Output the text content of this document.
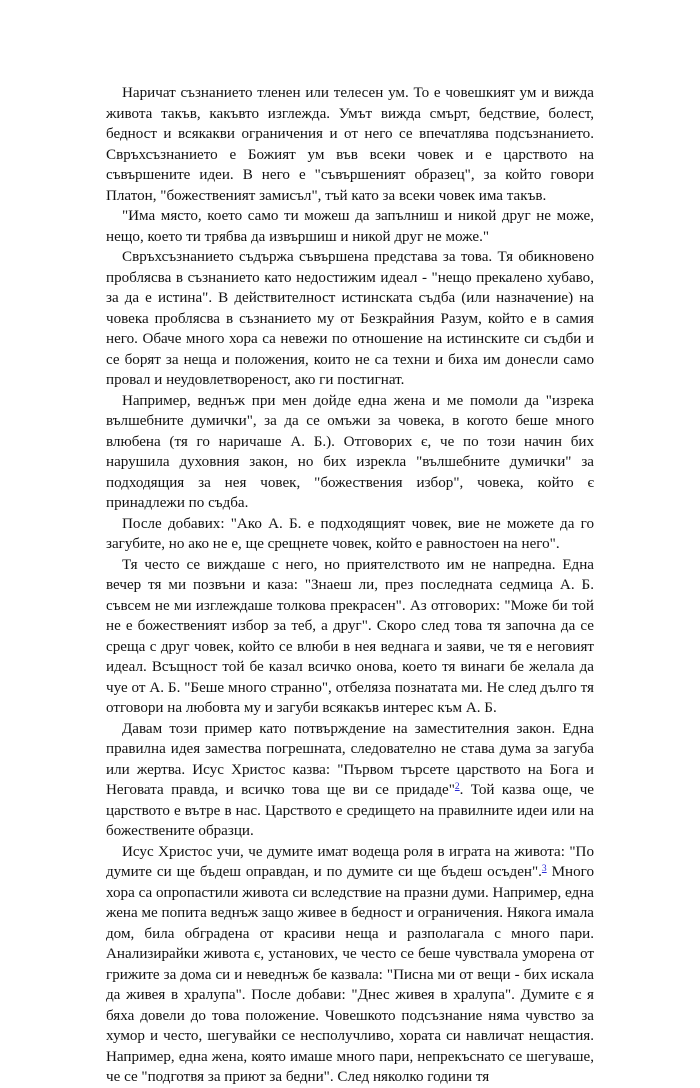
Наричат съзнанието тленен или телесен ум. То е човешкият ум и вижда живота такъв, какъвто изглежда. Умът вижда смърт, бедствие, болест, бедност и всякакви ограничения и от него се впечатлява подсъзнанието. Свръхсъзнанието е Божият ум във всеки човек и е царството на съвършените идеи. В него е "съвършеният образец", за който говори Платон, "божественият замисъл", тъй като за всеки човек има такъв.

"Има място, което само ти можеш да запълниш и никой друг не може, нещо, което ти трябва да извършиш и никой друг не може."

Свръхсъзнанието съдържа съвършена представа за това. Тя обикновено проблясва в съзнанието като недостижим идеал - "нещо прекалено хубаво, за да е истина". В действителност истинската съдба (или назначение) на човека проблясва в съзнанието му от Безкрайния Разум, който е в самия него. Обаче много хора са невежи по отношение на истинските си съдби и се борят за неща и положения, които не са техни и биха им донесли само провал и неудовлетвореност, ако ги постигнат.

Например, веднъж при мен дойде една жена и ме помоли да "изрека вълшебните думички", за да се омъжи за човека, в когото беше много влюбена (тя го наричаше А. Б.). Отговорих є, че по този начин бих нарушила духовния закон, но бих изрекла "вълшебните думички" за подходящия за нея човек, "божествения избор", човека, който є принадлежи по съдба.

После добавих: "Ако А. Б. е подходящият човек, вие не можете да го загубите, но ако не е, ще срещнете човек, който е равностоен на него".

Тя често се виждаше с него, но приятелството им не напредна. Една вечер тя ми позвъни и каза: "Знаеш ли, през последната седмица А. Б. съвсем не ми изглеждаше толкова прекрасен". Аз отговорих: "Може би той не е божественият избор за теб, а друг". Скоро след това тя започна да се среща с друг човек, който се влюби в нея веднага и заяви, че тя е неговият идеал. Всъщност той бе казал всичко онова, което тя винаги бе желала да чуе от А. Б. "Беше много странно", отбеляза познатата ми. Не след дълго тя отговори на любовта му и загуби всякакъв интерес към А. Б.

Давам този пример като потвърждение на заместителния закон. Една правилна идея замества погрешната, следователно не става дума за загуба или жертва. Исус Христос казва: "Първом търсете царството на Бога и Неговата правда, и всичко това ще ви се придаде"$^2$. Той казва още, че царството е вътре в нас. Царството е средището на правилните идеи или на божествените образци.

Исус Христос учи, че думите имат водеща роля в играта на живота: "По думите си ще бъдеш оправдан, и по думите си ще бъдеш осъден".$^3$ Много хора са опропастили живота си вследствие на празни думи. Например, една жена ме попита веднъж защо живее в бедност и ограничения. Някога имала дом, била обградена от красиви неща и разполагала с много пари. Анализирайки живота є, установих, че често се беше чувствала уморена от грижите за дома си и неведнъж бе казвала: "Писна ми от вещи - бих искала да живея в хралупа". После добави: "Днес живея в хралупа". Думите є я бяха довели до това положение. Човешкото подсъзнание няма чувство за хумор и често, шегувайки се несполучливо, хората си навличат нещастия. Например, една жена, която имаше много пари, непрекъснато се шегуваше, че се "подготвя за приют за бедни". След няколко години тя
